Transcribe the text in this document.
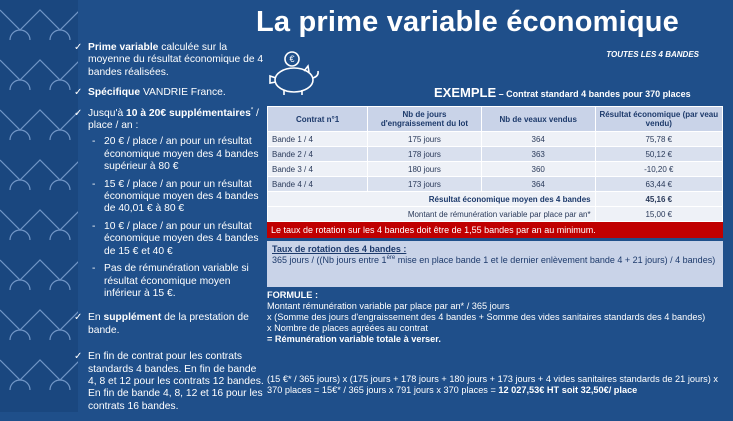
La prime variable économique
TOUTES LES 4 BANDES
€
✓ Prime variable calculée sur la moyenne du résultat économique de 4 bandes réalisées.
✓ Spécifique VANDRIE France.
✓ Jusqu'à 10 à 20€ supplémentaires* / place / an :
- 20 € / place / an pour un résultat économique moyen des 4 bandes supérieur à 80 €
- 15 € / place / an pour un résultat économique moyen des 4 bandes de 40,01 € à 80 €
- 10 € / place / an pour un résultat économique moyen des 4 bandes de 15 € et 40 €
- Pas de rémunération variable si résultat économique moyen inférieur à 15 €.
✓ En supplément de la prestation de bande.
✓ En fin de contrat pour les contrats standards 4 bandes. En fin de bande 4, 8 et 12 pour les contrats 12 bandes. En fin de bande 4, 8, 12 et 16 pour les contrats 16 bandes.
EXEMPLE – Contrat standard 4 bandes pour 370 places
Contrat n°1	Nb de jours d'engraissement du lot	Nb de veaux vendus	Résultat économique (par veau vendu)
Bande 1 / 4	175 jours	364	75,78 €
Bande 2 / 4	178 jours	363	50,12 €
Bande 3 / 4	180 jours	360	-10,20 €
Bande 4 / 4	173 jours	364	63,44 €
Résultat économique moyen des 4 bandes			45,16 €
Montant de rémunération variable par place par an*			15,00 €
Le taux de rotation sur les 4 bandes doit être de 1,55 bandes par an au minimum.
Taux de rotation des 4 bandes :
365 jours / ((Nb jours entre 1ère mise en place bande 1 et le dernier enlèvement bande 4 + 21 jours) / 4 bandes)
FORMULE :
Montant rémunération variable par place par an* / 365 jours
x (Somme des jours d'engraissement des 4 bandes + Somme des vides sanitaires standards des 4 bandes)
x Nombre de places agréées au contrat
= Rémunération variable totale à verser.
(15 €* / 365 jours) x (175 jours + 178 jours + 180 jours + 173 jours + 4 vides sanitaires standards de 21 jours) x 370 places = 15€* / 365 jours x 791 jours x 370 places = 12 027,53€ HT soit 32,50€/ place
